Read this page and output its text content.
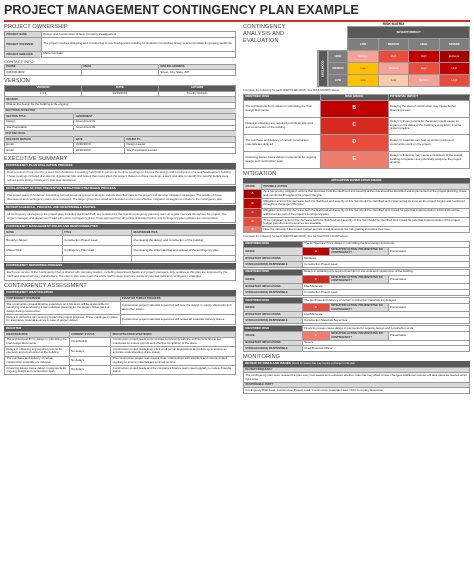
PROJECT MANAGEMENT CONTINGENCY PLAN EXAMPLE
PROJECT OWNERSHIP
PROJECT NAME	Design and Construction of New Company Headquarters
PROJECT OVERVIEW	The project involves designing and constructing a new headquarters building for Anderson Consulting Group to accommodate its growing workforce.
PROJECT MANAGER	Marie Gonzalez
CONTACT INFO
PHONE	EMAIL	MAILING ADDRESS
000-000-0000		Street, City, State, ZIP
VERSION
VERSION	DATE	AUTHOR
1.1.3	03/29/20XX	Timothy Roberts
REASON		
Risk on the design for the building is life ongoing		
SECTIONS AFFECTED
SECTION TITLE	AMENDMENT
Design	Amendment #1
Site Preparation	Amendment #2
DISTRIBUTION
DELIVERY METHOD	DATE	ISSUED TO
Email	03/30/20XX	Design Leader
Email	03/30/20XX	Site Preparation Leader
EXECUTIVE SUMMARY
CONTINGENCY PLAN EVALUATION PROCESS
Over a period of four months, a team from Anderson Consulting held both in-person and online meetings to discuss the design and construction of a new headquarters building. These meetings included discussions of potential risks and issues that could affect the project. Based on these meetings, a team was able to identify the specific details were refined and a strong contingency plan was developed.
DEVELOPMENT OF RISK PREVENTION MITIGATION STRATEGIES PROCESS
The project team of Anderson Consulting formed breakout groups to analyze various identified risks to the project and develop mitigation strategies. The results of these discussions and contingency plans were reviewed. The larger group then voted and decided on the most effective mitigation strategies to include in the contingency plan.
REVIEW SCHEDULE, PROCESS, AND RESPONSIBLE PARTIES
All contingency strategies in the project plan, including the initial draft, are reviewed by the overall contingency planning team at regular intervals throughout the project. The project manager, and department head will review contingency plans. Final approval from all parties is needed before any contingency plan updates are incorporated.
CONTINGENCY MANAGEMENT ROLES AND RESPONSIBILITIES
NAME	TITLE	RESPONSIBILITIES
Brooklyn Jansen	Construction Project Lead	Overseeing the design and construction of the building
Mateo Tobin	Contingency Plan Lead	Overseeing the initial planning and upkeep of the contingency plan

CONTINGENCY REPORTING PROCESS
Each new version of the Contingency Plan is shared with company leaders, including department heads and project managers. Any updates to this plan are approved by the CEO and shared with key stakeholders. The plan is also stored with the entire staff to keep everyone aware of potential risks and contingency strategies.
CONTINGENCY ASSESSMENT
CONTINGENCY IDENTIFICATION
CONTINGENCY OVERVIEW	EVENT OR THREAT TRIGGERS
The construction project timeline supervisor and risk team will be responsible for identifying and conducting a risk reduction planning for the project. Other risks of delays during construction.	Construction project materials supervisor will note the delays in supply shipments and alert other teams.
Delays in deliveries can severely impact the project progress. These contingency plans for alternative material sources in case of project delays.	Construction project materials supervisor will review all materials delivery issues.
REGISTER
IDENTIFIED RISK	CURRENT STATUS	RISK MITIGATION STRATEGIES
The architectural firm's delays in submitting the final design documents	On schedule	Construction project leads communicate consistently with the architectural firm to set milestones to ensure prompt and effective completion of the plans.
Delays in obtaining any required permits for site work and construction of the building	No delays	Construction project leads keep track of all permit applications and follow up to ensure an accurate understanding of the status.
The purchase and delivery of certain construction materials are delayed	No delays	The construction project team keeps close relationships with suppliers and communicates regularly to ensure materials are sourced on time.
Financing issues cause delays in payments for ongoing design and construction work	No delays	Construction project leads and the company's finance team meet regularly to review financial status.
CONTINGENCY ANALYSIS AND EVALUATION
RISK MATRIX
		SEVERITY/IMPACT			
		LOW	MEDIUM	HIGH	SEVERE
LIKELIHOOD	HIGH	Medium	High	High	Extreme
	MEDIUM	Low	Medium	High	High
	LOW	Low	Low	Medium	High
Complete the following for each IDENTIFIED RISK. See RISK MATRIX above.
IDENTIFIED RISK	RISK GRADE	POTENTIAL IMPACT
The architectural firm's delays in submitting the final design documents	B	Delaying the start of construction may cause further financing issues.
Delays in obtaining any required permits for site work and construction of the building	C	Delays in these permits for the project could cause an impact on the dates of the building's completion and the project timeline.
The purchase and delivery of certain construction materials are delayed	D	Delays in materials can hold up certain portions of construction work on the project.
Financing issues cause delays in payments for ongoing design and construction work	E	Delays in financing may cause a slowdown of the overall building completion and potentially postpone the project timeline.
MITIGATION
MITIGATION BASED UPON GRADE
GRADE	POSSIBLE ACTION
A	As a top priority, mitigation actions that decrease both the likelihood and severity of this risk should be identified and implemented at the project planning phase and monitored throughout the project lifecycle.
B	Mitigation actions that decrease both the likelihood and severity of this risk should be identified and implemented as soon as the project begins and monitored throughout the project lifecycle.
C	Mitigation actions that decrease both the likelihood and severity of this risk should be identified and costed for potential implementation. Actions should be addressed as part of the project's contingency plan.
D	To be mitigated, actions that decrease both the likelihood and severity of this risk should be identified and costed for potential implementation if the project budget permits it and resources are available.
E	Note the risk only if the project budget permits it and re-assess the risk grading increases over time.
Complete the following for each IDENTIFIED RISK. See MITIGATION CHART above.
IDENTIFIED RISK	The architectural firm's delays in submitting the final design documents		
GRADE	B	MITIGATION ACTION: PREVENTATIVE OR CONTINGENCY?	Preventative
BUDGETARY IMPLICATIONS	Moderate		
STAKEHOLDER(S) RESPONSIBLE	Construction Project Lead		
IDENTIFIED RISK	Delays in obtaining any required permits for site work and construction of the building		
GRADE	C	MITIGATION ACTION: PREVENTATIVE OR CONTINGENCY?	Preventative
BUDGETARY IMPLICATIONS	Low/Moderate		
STAKEHOLDER(S) RESPONSIBLE	Construction Project Lead		
IDENTIFIED RISK	The purchase and delivery of certain construction materials are delayed		
GRADE	D	MITIGATION ACTION: PREVENTATIVE OR CONTINGENCY?	Preventative
BUDGETARY IMPLICATIONS	Low/Moderate		
STAKEHOLDER(S) RESPONSIBLE	Construction Materials Supervisor		
IDENTIFIED RISK	Financing issues cause delays in payments for ongoing design and construction work		
GRADE	E	MITIGATION ACTION: PREVENTATIVE OR CONTINGENCY?	Preventative
BUDGETARY IMPLICATIONS	Severe		
STAKEHOLDER(S) RESPONSIBLE	Chief Financial Officer		
MONITORING
REVIEW OF RISKS AND ISSUES Check for issues that may require a change to this plan
REVIEW FREQUENCY
The contingency plan team reviews the plan every two weeks and evaluates whether risks that may affect it have changed. Additional reviews will take place as needed when risks arise.
RESPONSIBLE PARTY
Contingency Plan Lead, Construction Project Lead, Construction materials Lead, CFO, Company Executive
